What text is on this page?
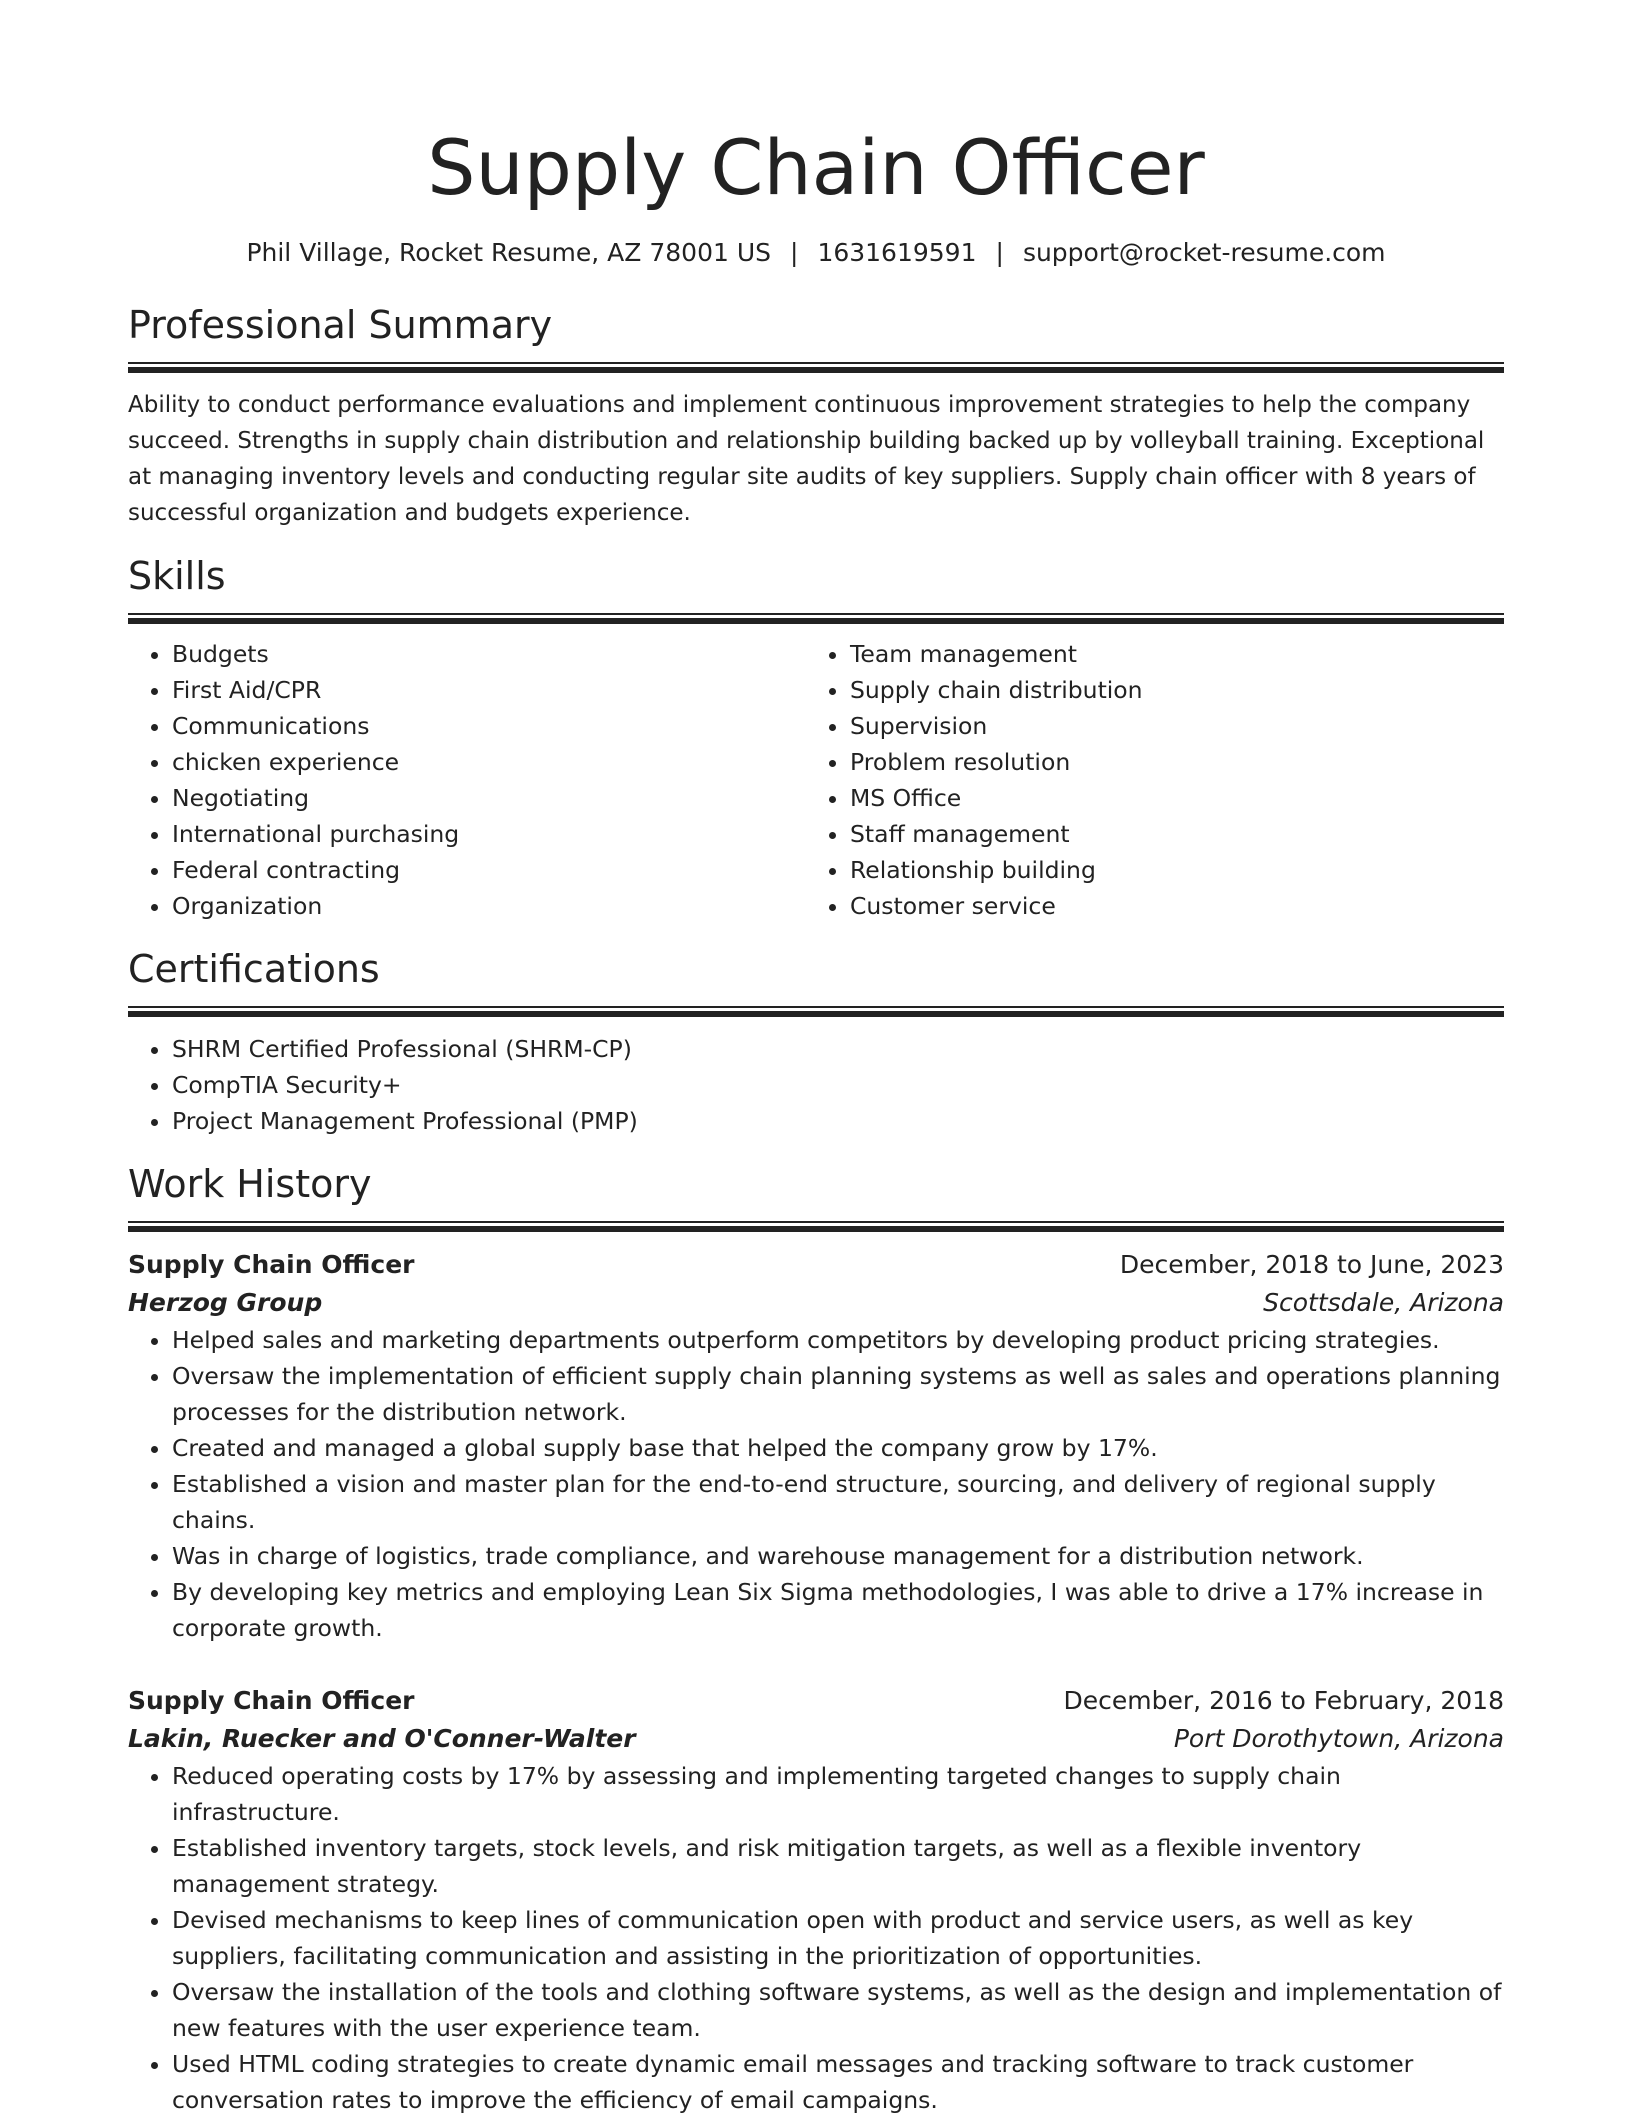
Supply Chain Officer
Phil Village, Rocket Resume, AZ 78001 US | 1631619591 | support@rocket-resume.com
Professional Summary
Ability to conduct performance evaluations and implement continuous improvement strategies to help the company succeed. Strengths in supply chain distribution and relationship building backed up by volleyball training. Exceptional at managing inventory levels and conducting regular site audits of key suppliers. Supply chain officer with 8 years of successful organization and budgets experience.
Skills
• Budgets
• First Aid/CPR
• Communications
• chicken experience
• Negotiating
• International purchasing
• Federal contracting
• Organization
• Team management
• Supply chain distribution
• Supervision
• Problem resolution
• MS Office
• Staff management
• Relationship building
• Customer service
Certifications
• SHRM Certified Professional (SHRM-CP)
• CompTIA Security+
• Project Management Professional (PMP)
Work History
Supply Chain Officer	December, 2018 to June, 2023
Herzog Group	Scottsdale, Arizona
• Helped sales and marketing departments outperform competitors by developing product pricing strategies.
• Oversaw the implementation of efficient supply chain planning systems as well as sales and operations planning processes for the distribution network.
• Created and managed a global supply base that helped the company grow by 17%.
• Established a vision and master plan for the end-to-end structure, sourcing, and delivery of regional supply chains.
• Was in charge of logistics, trade compliance, and warehouse management for a distribution network.
• By developing key metrics and employing Lean Six Sigma methodologies, I was able to drive a 17% increase in corporate growth.
Supply Chain Officer	December, 2016 to February, 2018
Lakin, Ruecker and O'Conner-Walter	Port Dorothytown, Arizona
• Reduced operating costs by 17% by assessing and implementing targeted changes to supply chain infrastructure.
• Established inventory targets, stock levels, and risk mitigation targets, as well as a flexible inventory management strategy.
• Devised mechanisms to keep lines of communication open with product and service users, as well as key suppliers, facilitating communication and assisting in the prioritization of opportunities.
• Oversaw the installation of the tools and clothing software systems, as well as the design and implementation of new features with the user experience team.
• Used HTML coding strategies to create dynamic email messages and tracking software to track customer conversation rates to improve the efficiency of email campaigns.
